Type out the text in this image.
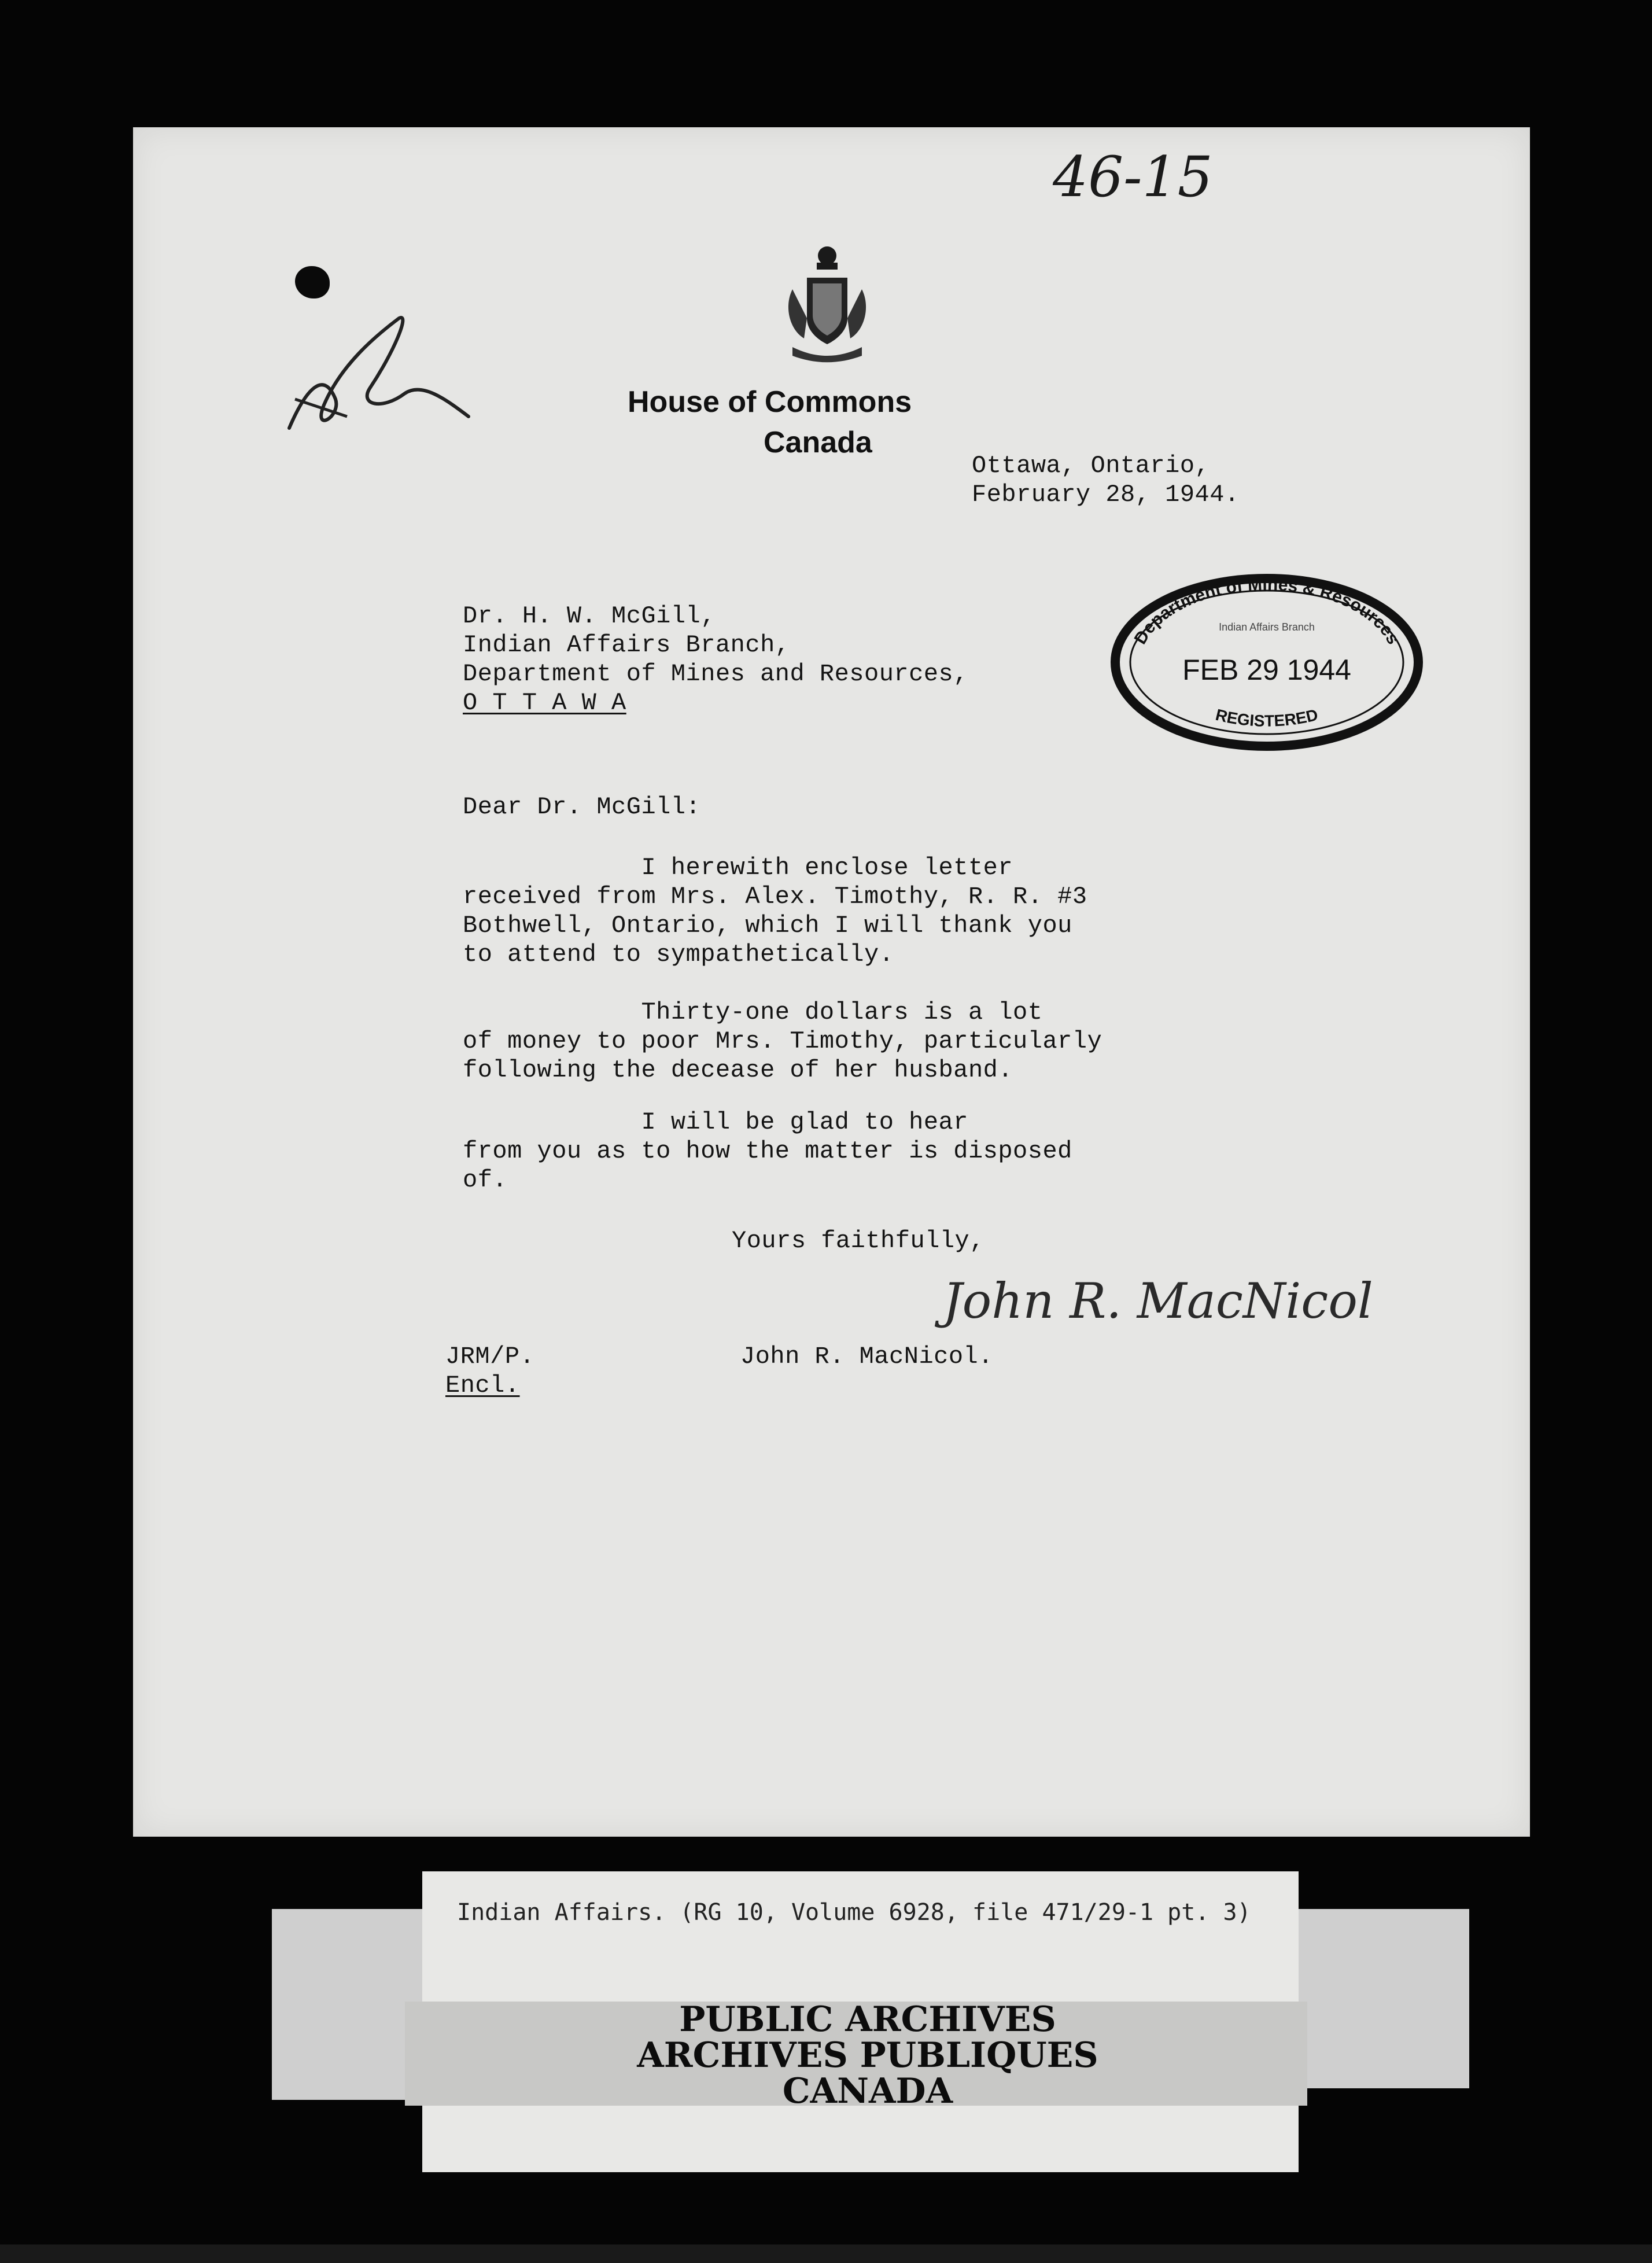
46-15
House of Commons
Canada
Ottawa, Ontario,
February 28, 1944.
Dr. H. W. McGill,
Indian Affairs Branch,
Department of Mines and Resources,
O T T A W A
Department of Mines & Resources
Indian Affairs Branch
FEB 29 1944
REGISTERED
Dear Dr. McGill:
I herewith enclose letter
received from Mrs. Alex. Timothy, R. R. #3
Bothwell, Ontario, which I will thank you
to attend to sympathetically.
Thirty-one dollars is a lot
of money to poor Mrs. Timothy, particularly
following the decease of her husband.
I will be glad to hear
from you as to how the matter is disposed
of.
Yours faithfully,
John R. MacNicol
JRM/P.
Encl.
John R. MacNicol.
Indian Affairs. (RG 10, Volume 6928, file 471/29-1 pt. 3)
PUBLIC ARCHIVES
ARCHIVES PUBLIQUES
CANADA
